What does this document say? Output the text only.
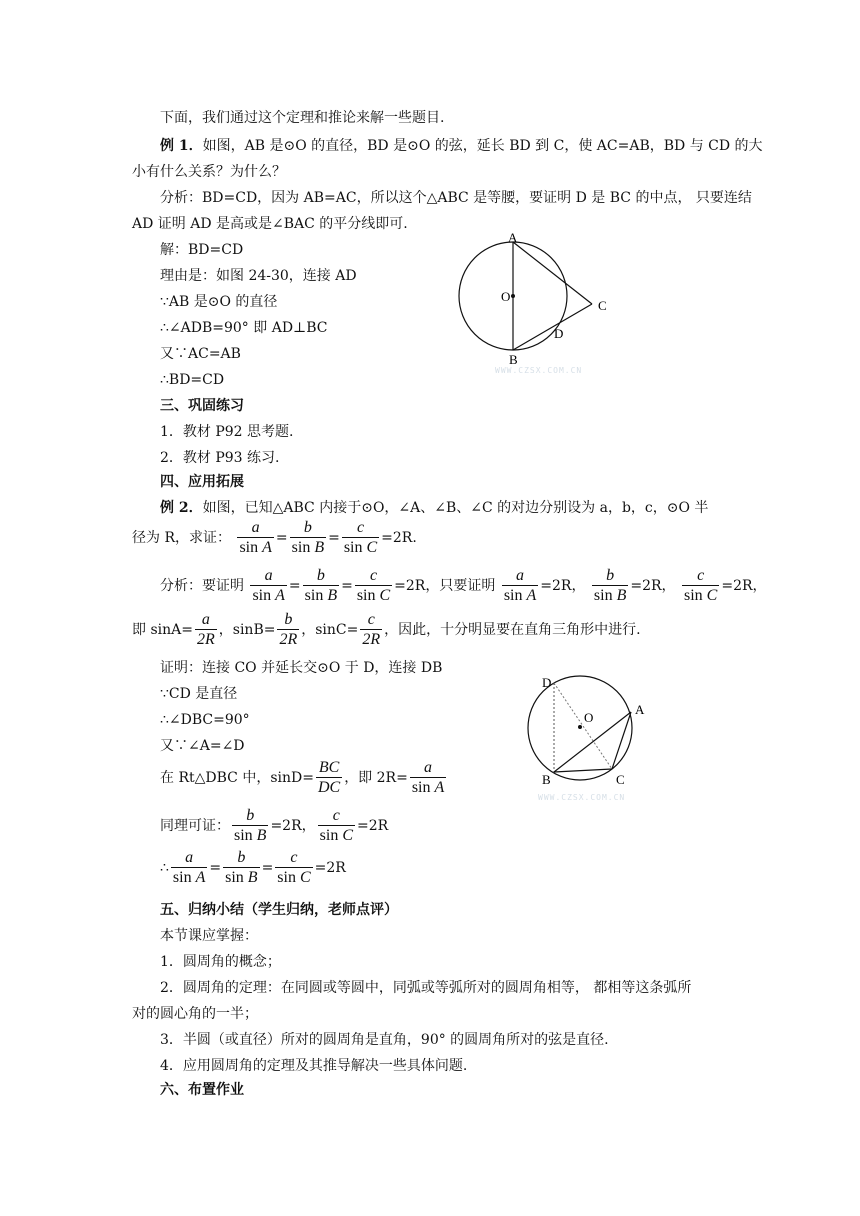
下面，我们通过这个定理和推论来解一些题目.
例 1．如图，AB 是⊙O 的直径，BD 是⊙O 的弦，延长 BD 到 C，使 AC=AB，BD 与 CD 的大
小有什么关系？为什么？
分析：BD=CD，因为 AB=AC，所以这个△ABC 是等腰，要证明 D 是 BC 的中点， 只要连结
AD 证明 AD 是高或是∠BAC 的平分线即可.
解：BD=CD
理由是：如图 24-30，连接 AD
∵AB 是⊙O 的直径
∴∠ADB=90° 即 AD⊥BC
又∵AC=AB
∴BD=CD
A
O
C
D
B
WWW.CZSX.COM.CN
三、巩固练习
1．教材 P92 思考题.
2．教材 P93 练习.
四、应用拓展
例 2．如图，已知△ABC 内接于⊙O，∠A、∠B、∠C 的对边分别设为 a，b，c，⊙O 半
径为 R，求证： $\frac{a}{\text{sin A}} = \frac{b}{\text{sin B}} = \frac{c}{\text{sin C}} =2R$.
分析：要证明 $\frac{a}{\text{sin A}} = \frac{b}{\text{sin B}} = \frac{c}{\text{sin C}} =2R$，只要证明 $\frac{a}{\text{sin A}} =2R$， $\frac{b}{\text{sin B}} =2R$， $\frac{c}{\text{sin C}} =2R$，
即 $\sin A= \frac{a}{2R}$ ，$\sin B= \frac{b}{2R}$ ，$\sin C= \frac{c}{2R}$ ，因此，十分明显要在直角三角形中进行.
证明：连接 CO 并延长交⊙O 于 D，连接 DB
∵CD 是直径
∴∠DBC=90°
又∵∠A=∠D
在 Rt△DBC 中，$\sin D= \frac{BC}{DC}$ ，即 $2R= \frac{a}{\text{sin A}}$
同理可证： $\frac{b}{\text{sin B}} =2R$， $\frac{c}{\text{sin C}} =2R$
∴ $\frac{a}{\text{sin A}} = \frac{b}{\text{sin B}} = \frac{c}{\text{sin C}} =2R$
D
O
A
B	C
WWW.CZSX.COM.CN
五、归纳小结（学生归纳，老师点评）
本节课应掌握：
1．圆周角的概念；
2．圆周角的定理：在同圆或等圆中，同弧或等弧所对的圆周角相等， 都相等这条弧所
对的圆心角的一半；
3．半圆（或直径）所对的圆周角是直角，90° 的圆周角所对的弦是直径.
4．应用圆周角的定理及其推导解决一些具体问题.
六、布置作业
